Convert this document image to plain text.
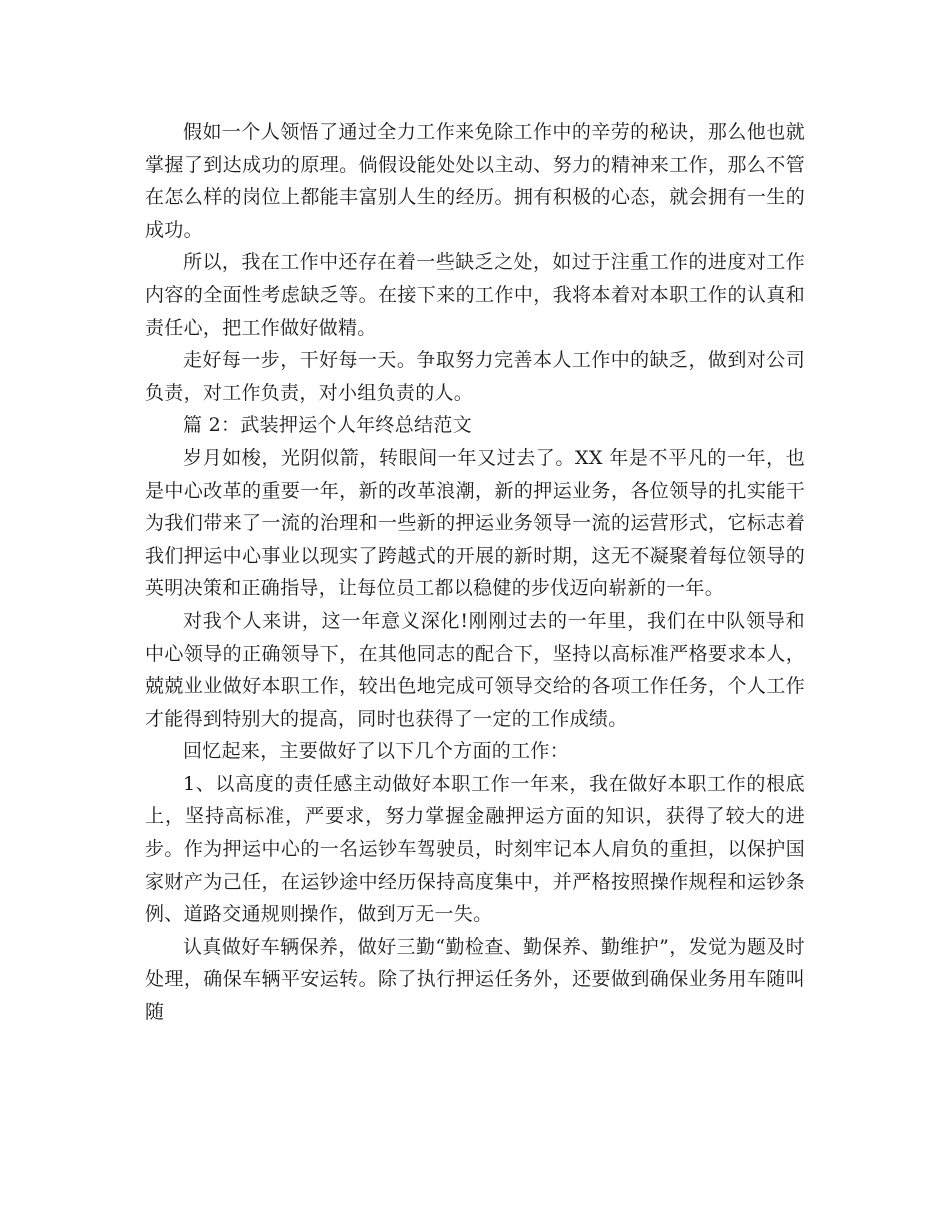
假如一个人领悟了通过全力工作来免除工作中的辛劳的秘诀，那么他也就掌握了到达成功的原理。倘假设能处处以主动、努力的精神来工作，那么不管在怎么样的岗位上都能丰富别人生的经历。拥有积极的心态，就会拥有一生的成功。

所以，我在工作中还存在着一些缺乏之处，如过于注重工作的进度对工作内容的全面性考虑缺乏等。在接下来的工作中，我将本着对本职工作的认真和责任心，把工作做好做精。

走好每一步，干好每一天。争取努力完善本人工作中的缺乏，做到对公司负责，对工作负责，对小组负责的人。

篇 2：武装押运个人年终总结范文

岁月如梭，光阴似箭，转眼间一年又过去了。XX 年是不平凡的一年，也是中心改革的重要一年，新的改革浪潮，新的押运业务，各位领导的扎实能干为我们带来了一流的治理和一些新的押运业务领导一流的运营形式，它标志着我们押运中心事业以现实了跨越式的开展的新时期，这无不凝聚着每位领导的英明决策和正确指导，让每位员工都以稳健的步伐迈向崭新的一年。

对我个人来讲，这一年意义深化!刚刚过去的一年里，我们在中队领导和中心领导的正确领导下，在其他同志的配合下，坚持以高标准严格要求本人，兢兢业业做好本职工作，较出色地完成可领导交给的各项工作任务，个人工作才能得到特别大的提高，同时也获得了一定的工作成绩。

回忆起来，主要做好了以下几个方面的工作：

1、以高度的责任感主动做好本职工作一年来，我在做好本职工作的根底上，坚持高标准，严要求，努力掌握金融押运方面的知识，获得了较大的进步。作为押运中心的一名运钞车驾驶员，时刻牢记本人肩负的重担，以保护国家财产为己任，在运钞途中经历保持高度集中，并严格按照操作规程和运钞条例、道路交通规则操作，做到万无一失。

认真做好车辆保养，做好三勤“勤检查、勤保养、勤维护”，发觉为题及时处理，确保车辆平安运转。除了执行押运任务外，还要做到确保业务用车随叫随
